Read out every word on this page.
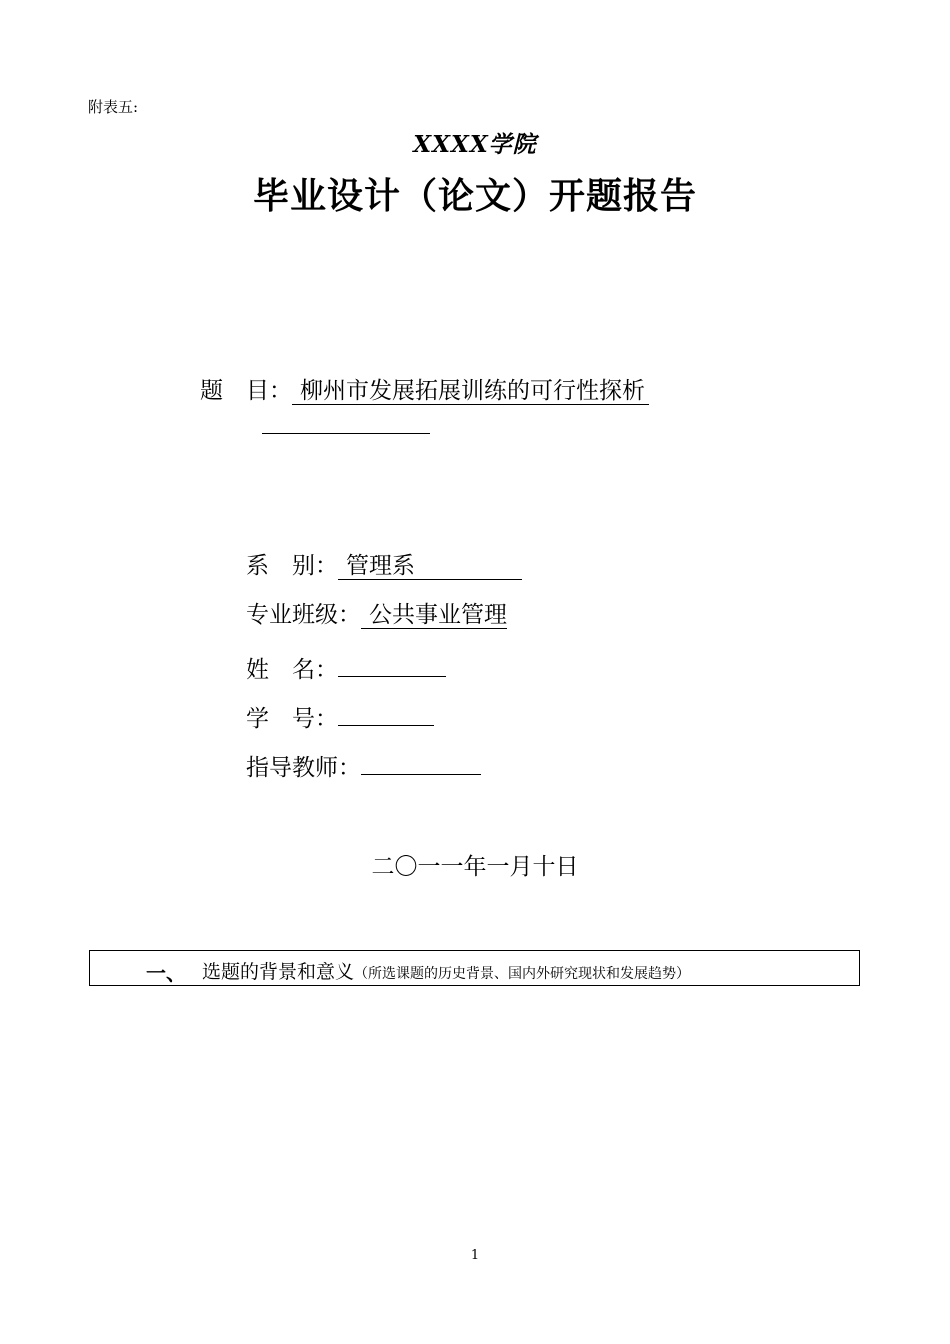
附表五:
XXXX学院
毕业设计（论文）开题报告
题　目： 柳州市发展拓展训练的可行性探析
系　别： 管理系
专业班级： 公共事业管理
姓　名：
学　号：
指导教师：
二〇一一年一月十日
一、 选题的背景和意义（所选课题的历史背景、国内外研究现状和发展趋势）
1
